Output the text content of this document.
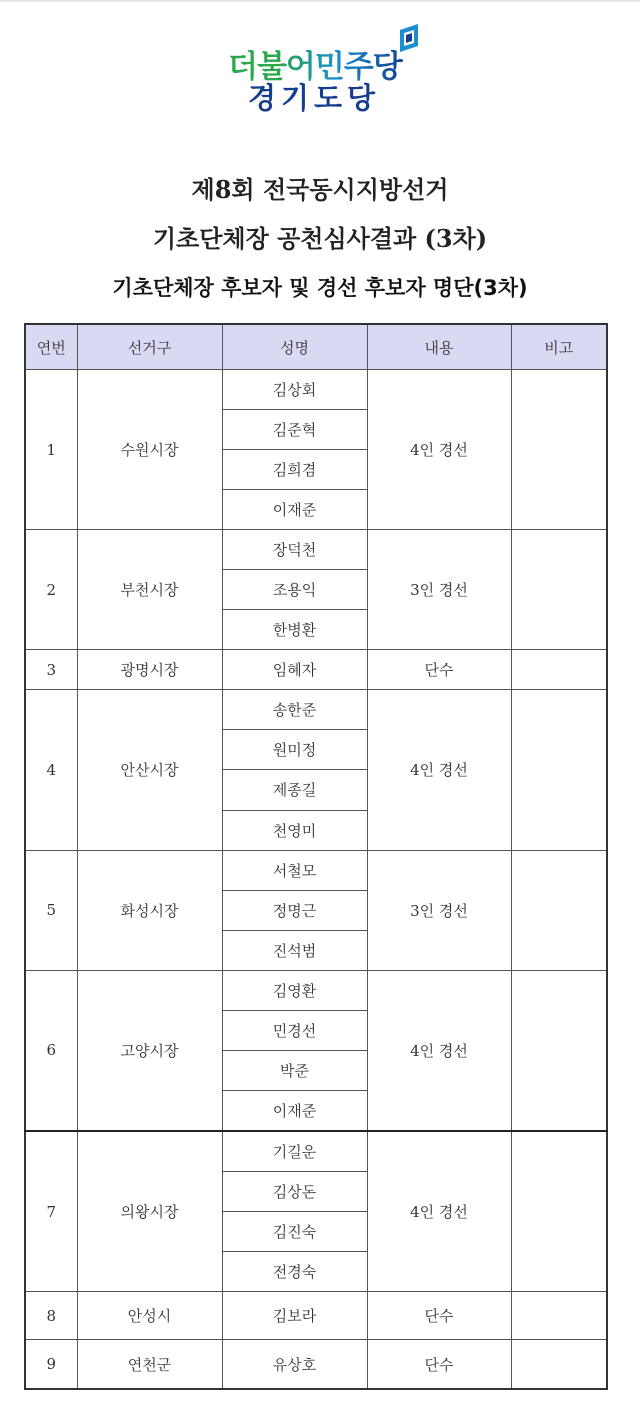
더불어민주당
경기도당
제8회 전국동시지방선거
기초단체장 공천심사결과 (3차)
기초단체장 후보자 및 경선 후보자 명단(3차)
연번	선거구	성명	내용	비고
1	수원시장	김상회	4인 경선	
		김준혁		
		김희겸		
		이재준		
2	부천시장	장덕천	3인 경선	
		조용익		
		한병환		
3	광명시장	임혜자	단수	
4	안산시장	송한준	4인 경선	
		원미정		
		제종길		
		천영미		
5	화성시장	서철모	3인 경선	
		정명근		
		진석범		
6	고양시장	김영환	4인 경선	
		민경선		
		박준		
		이재준		
7	의왕시장	기길운	4인 경선	
		김상돈		
		김진숙		
		전경숙		
8	안성시	김보라	단수	
9	연천군	유상호	단수	
